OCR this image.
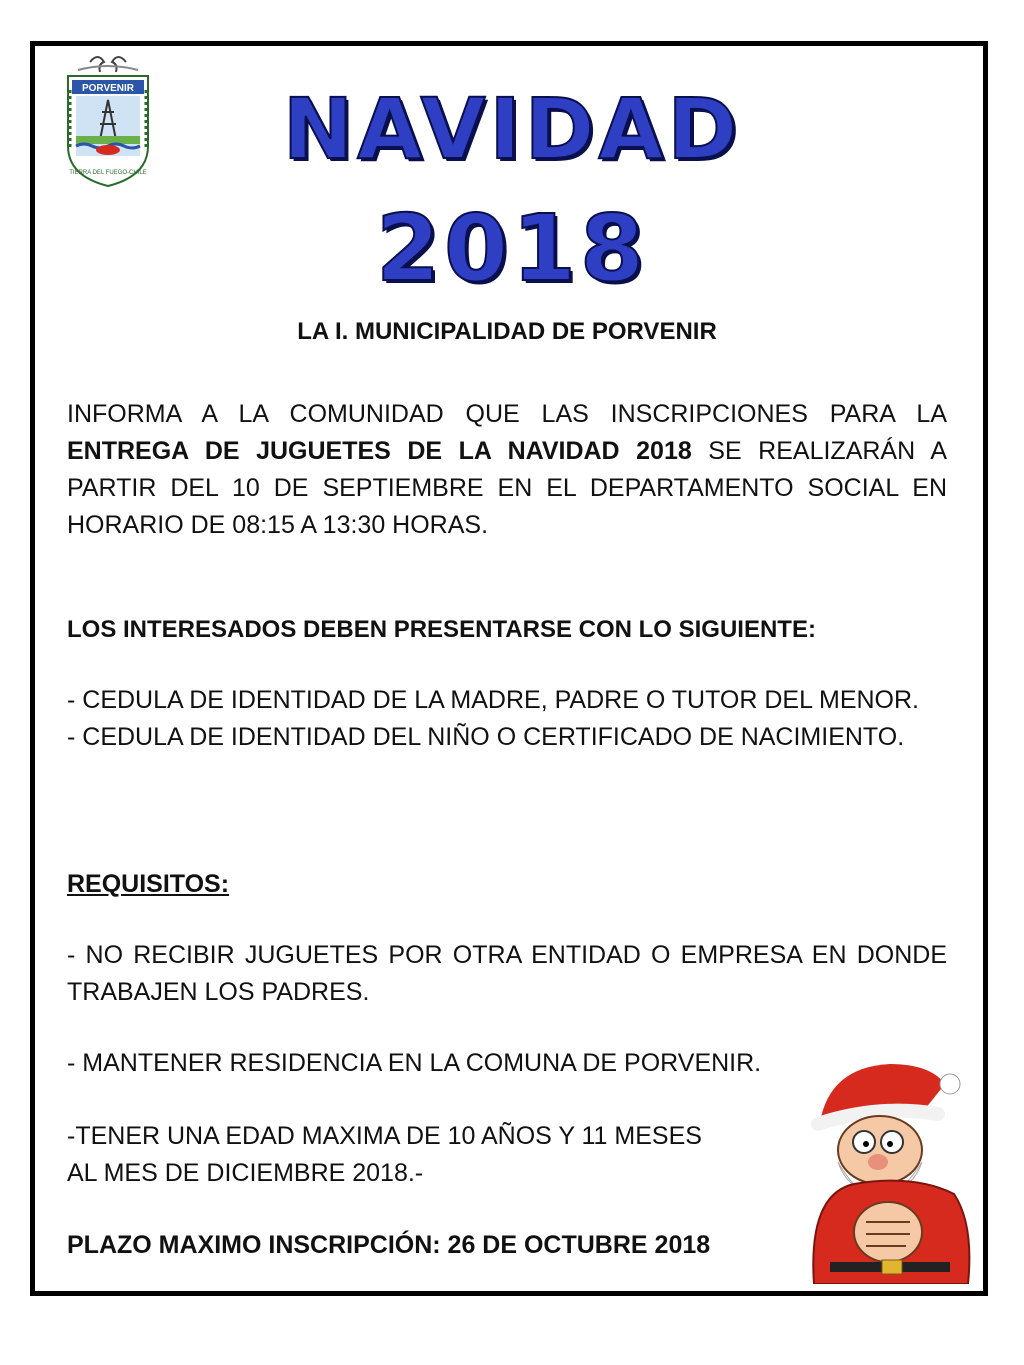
PORVENIR
TIERRA DEL FUEGO-CHILE	NAVIDAD
2018
LA I. MUNICIPALIDAD DE PORVENIR
INFORMA A LA COMUNIDAD QUE LAS INSCRIPCIONES PARA LA ENTREGA DE JUGUETES DE LA NAVIDAD 2018 SE REALIZARÁN A PARTIR DEL 10 DE SEPTIEMBRE EN EL DEPARTAMENTO SOCIAL EN HORARIO DE 08:15 A 13:30 HORAS.
LOS INTERESADOS DEBEN PRESENTARSE CON LO SIGUIENTE:
- CEDULA DE IDENTIDAD DE LA MADRE, PADRE O TUTOR DEL MENOR.
- CEDULA DE IDENTIDAD DEL NIÑO O CERTIFICADO DE NACIMIENTO.
REQUISITOS:
- NO RECIBIR JUGUETES POR OTRA ENTIDAD O EMPRESA EN DONDE TRABAJEN LOS PADRES.
- MANTENER RESIDENCIA EN LA COMUNA DE PORVENIR.
-TENER UNA EDAD MAXIMA DE 10 AÑOS Y 11 MESES
AL MES DE DICIEMBRE 2018.-
PLAZO MAXIMO INSCRIPCIÓN: 26 DE OCTUBRE 2018
